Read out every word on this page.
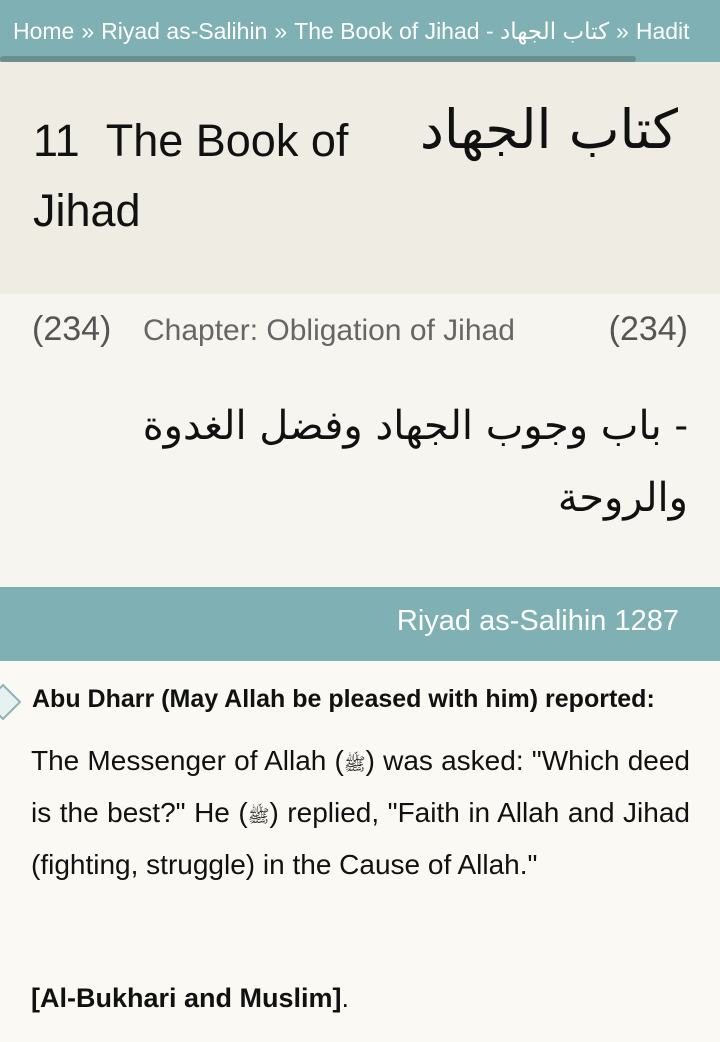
Home » Riyad as-Salihin » The Book of Jihad - كتاب الجهاد » Hadit
11 The Book of Jihad
كتاب الجهاد
(234) Chapter: Obligation of Jihad	(234)
- باب وجوب الجهاد وفضل الغدوة والروحة
Riyad as-Salihin 1287
Abu Dharr (May Allah be pleased with him) reported:
The Messenger of Allah (ﷺ) was asked: "Which deed is the best?" He (ﷺ) replied, "Faith in Allah and Jihad (fighting, struggle) in the Cause of Allah."
[Al-Bukhari and Muslim].
